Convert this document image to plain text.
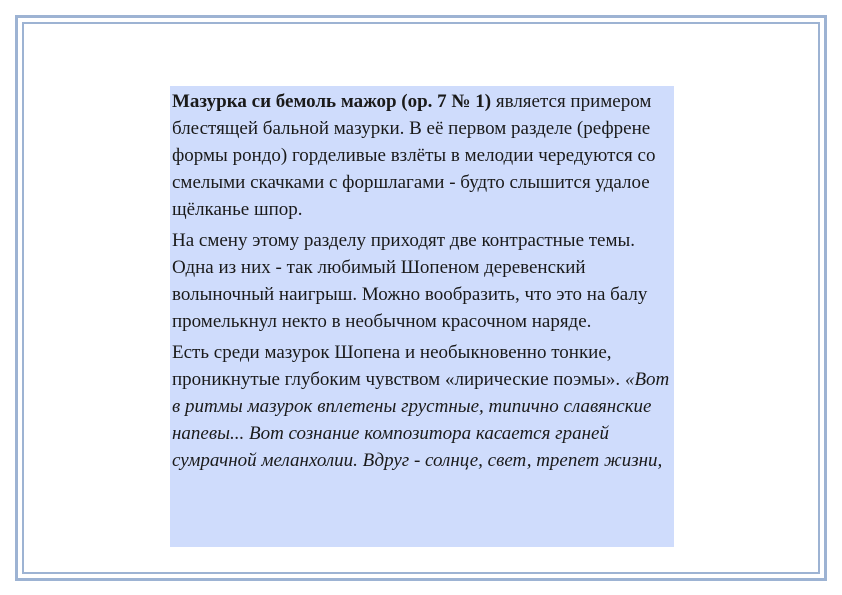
Мазурка си бемоль мажор (ор. 7 № 1) является примером блестящей бальной мазурки. В её первом разделе (рефрене формы рондо) горделивые взлёты в мелодии чередуются со смелыми скачками с форшлагами - будто слышится удалое щёлканье шпор.

На смену этому разделу приходят две контрастные темы. Одна из них - так любимый Шопеном деревенский волыночный наигрыш. Можно вообразить, что это на балу промелькнул некто в необычном красочном наряде.

Есть среди мазурок Шопена и необыкновенно тонкие, проникнутые глубоким чувством «лирические поэмы». «Вот в ритмы мазурок вплетены грустные, типично славянские напевы... Вот сознание композитора касается граней сумрачной меланхолии. Вдруг - солнце, свет, трепет жизни,
